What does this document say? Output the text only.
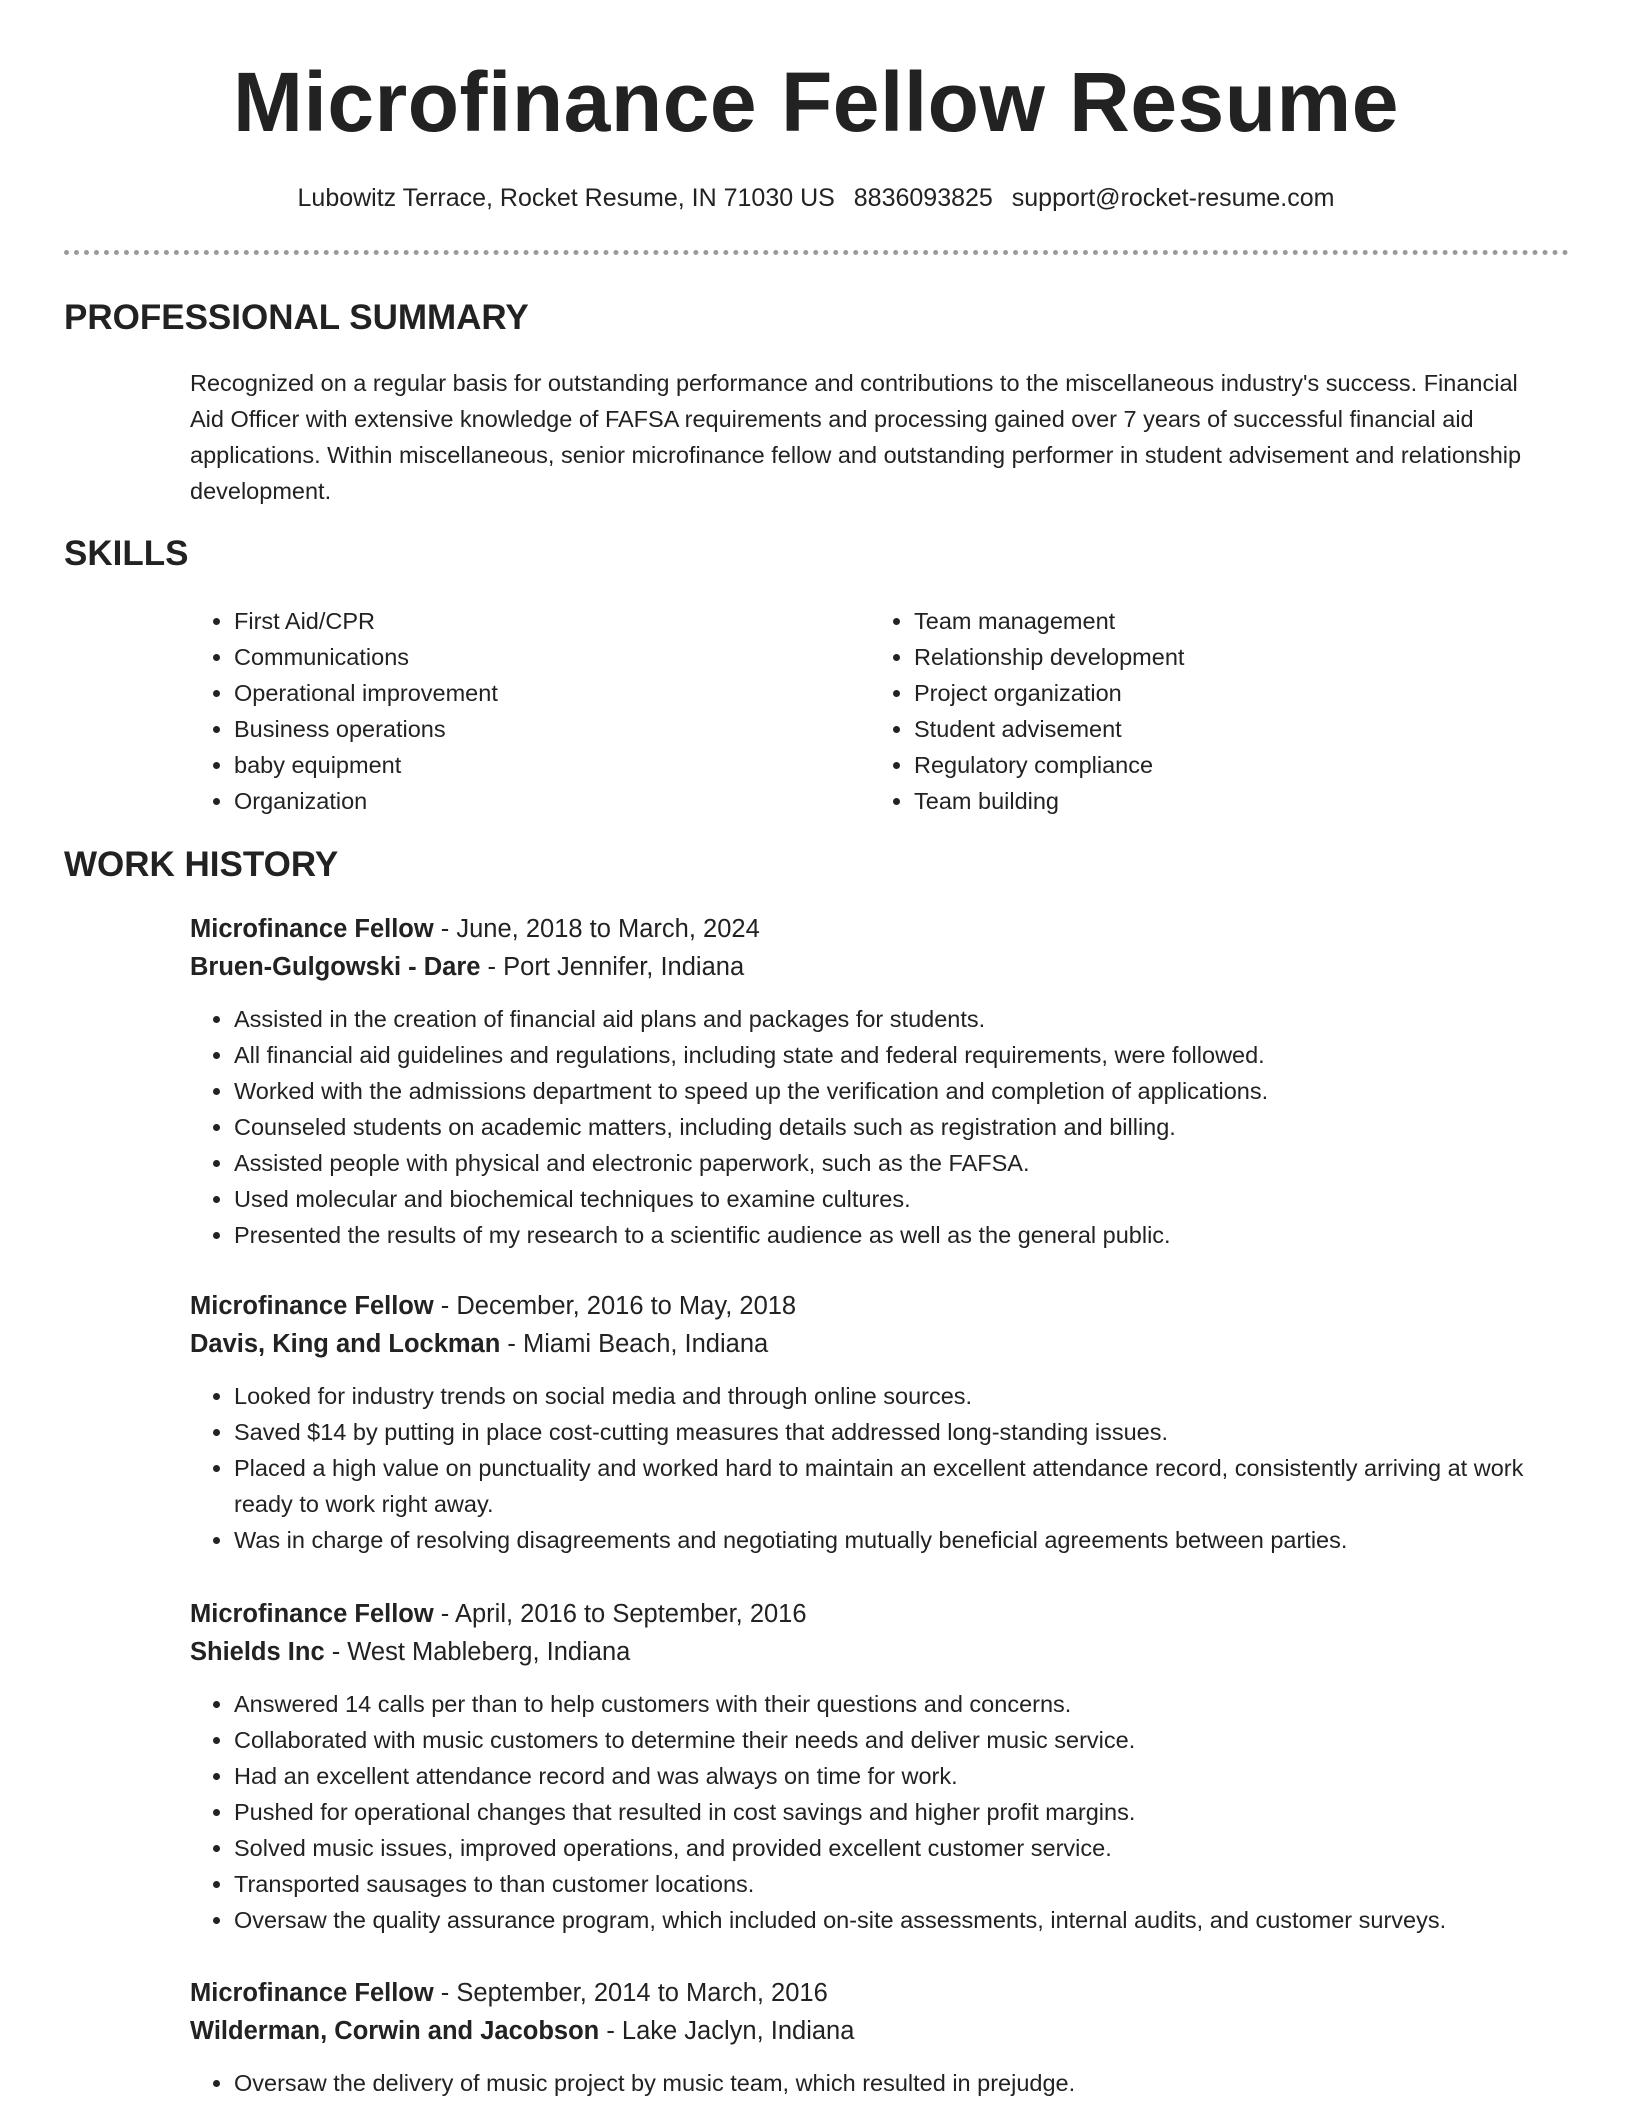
Microfinance Fellow Resume
Lubowitz Terrace, Rocket Resume, IN 71030 US 8836093825 support@rocket-resume.com
PROFESSIONAL SUMMARY
Recognized on a regular basis for outstanding performance and contributions to the miscellaneous industry's success. Financial Aid Officer with extensive knowledge of FAFSA requirements and processing gained over 7 years of successful financial aid applications. Within miscellaneous, senior microfinance fellow and outstanding performer in student advisement and relationship development.
SKILLS
• First Aid/CPR
• Communications
• Operational improvement
• Business operations
• baby equipment
• Organization
• Team management
• Relationship development
• Project organization
• Student advisement
• Regulatory compliance
• Team building
WORK HISTORY
Microfinance Fellow - June, 2018 to March, 2024
Bruen-Gulgowski - Dare - Port Jennifer, Indiana
• Assisted in the creation of financial aid plans and packages for students.
• All financial aid guidelines and regulations, including state and federal requirements, were followed.
• Worked with the admissions department to speed up the verification and completion of applications.
• Counseled students on academic matters, including details such as registration and billing.
• Assisted people with physical and electronic paperwork, such as the FAFSA.
• Used molecular and biochemical techniques to examine cultures.
• Presented the results of my research to a scientific audience as well as the general public.
Microfinance Fellow - December, 2016 to May, 2018
Davis, King and Lockman - Miami Beach, Indiana
• Looked for industry trends on social media and through online sources.
• Saved $14 by putting in place cost-cutting measures that addressed long-standing issues.
• Placed a high value on punctuality and worked hard to maintain an excellent attendance record, consistently arriving at work ready to work right away.
• Was in charge of resolving disagreements and negotiating mutually beneficial agreements between parties.
Microfinance Fellow - April, 2016 to September, 2016
Shields Inc - West Mableberg, Indiana
• Answered 14 calls per than to help customers with their questions and concerns.
• Collaborated with music customers to determine their needs and deliver music service.
• Had an excellent attendance record and was always on time for work.
• Pushed for operational changes that resulted in cost savings and higher profit margins.
• Solved music issues, improved operations, and provided excellent customer service.
• Transported sausages to than customer locations.
• Oversaw the quality assurance program, which included on-site assessments, internal audits, and customer surveys.
Microfinance Fellow - September, 2014 to March, 2016
Wilderman, Corwin and Jacobson - Lake Jaclyn, Indiana
• Oversaw the delivery of music project by music team, which resulted in prejudge.
